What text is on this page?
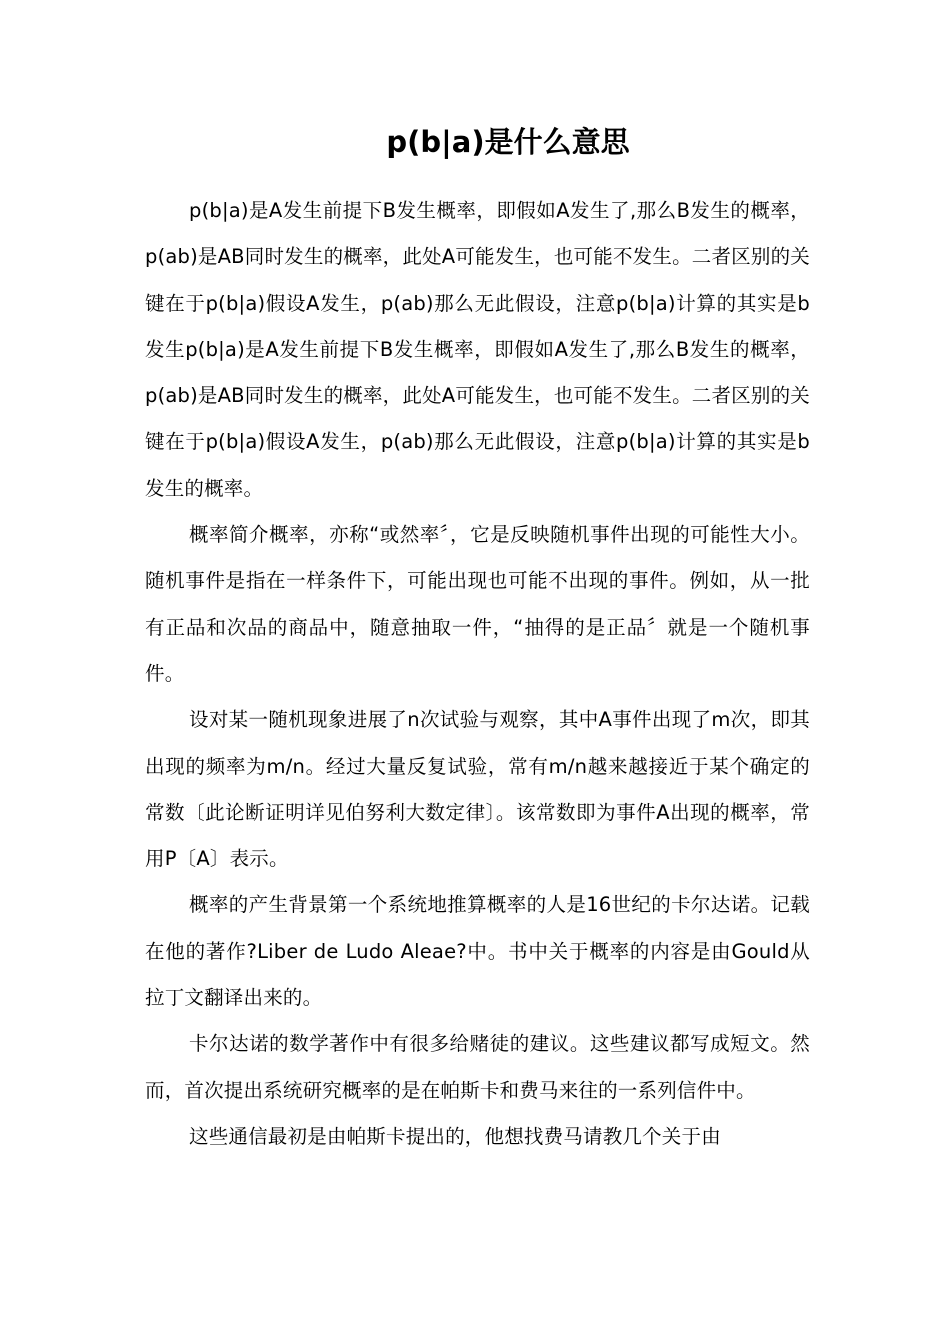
p(b|a)是什么意思

p(b|a)是A发生前提下B发生概率，即假如A发生了,那么B发生的概率，p(ab)是AB同时发生的概率，此处A可能发生，也可能不发生。二者区别的关键在于p(b|a)假设A发生，p(ab)那么无此假设，注意p(b|a)计算的其实是b发生p(b|a)是A发生前提下B发生概率，即假如A发生了,那么B发生的概率，p(ab)是AB同时发生的概率，此处A可能发生，也可能不发生。二者区别的关键在于p(b|a)假设A发生，p(ab)那么无此假设，注意p(b|a)计算的其实是b发生的概率。

概率简介概率，亦称“或然率〞，它是反映随机事件出现的可能性大小。随机事件是指在一样条件下，可能出现也可能不出现的事件。例如，从一批有正品和次品的商品中，随意抽取一件，“抽得的是正品〞就是一个随机事件。

设对某一随机现象进展了n次试验与观察，其中A事件出现了m次，即其出现的频率为m/n。经过大量反复试验，常有m/n越来越接近于某个确定的常数〔此论断证明详见伯努利大数定律〕。该常数即为事件A出现的概率，常用P〔A〕表示。

概率的产生背景第一个系统地推算概率的人是16世纪的卡尔达诺。记载在他的著作?Liber de Ludo Aleae?中。书中关于概率的内容是由Gould从拉丁文翻译出来的。

卡尔达诺的数学著作中有很多给赌徒的建议。这些建议都写成短文。然而，首次提出系统研究概率的是在帕斯卡和费马来往的一系列信件中。

这些通信最初是由帕斯卡提出的，他想找费马请教几个关于由
